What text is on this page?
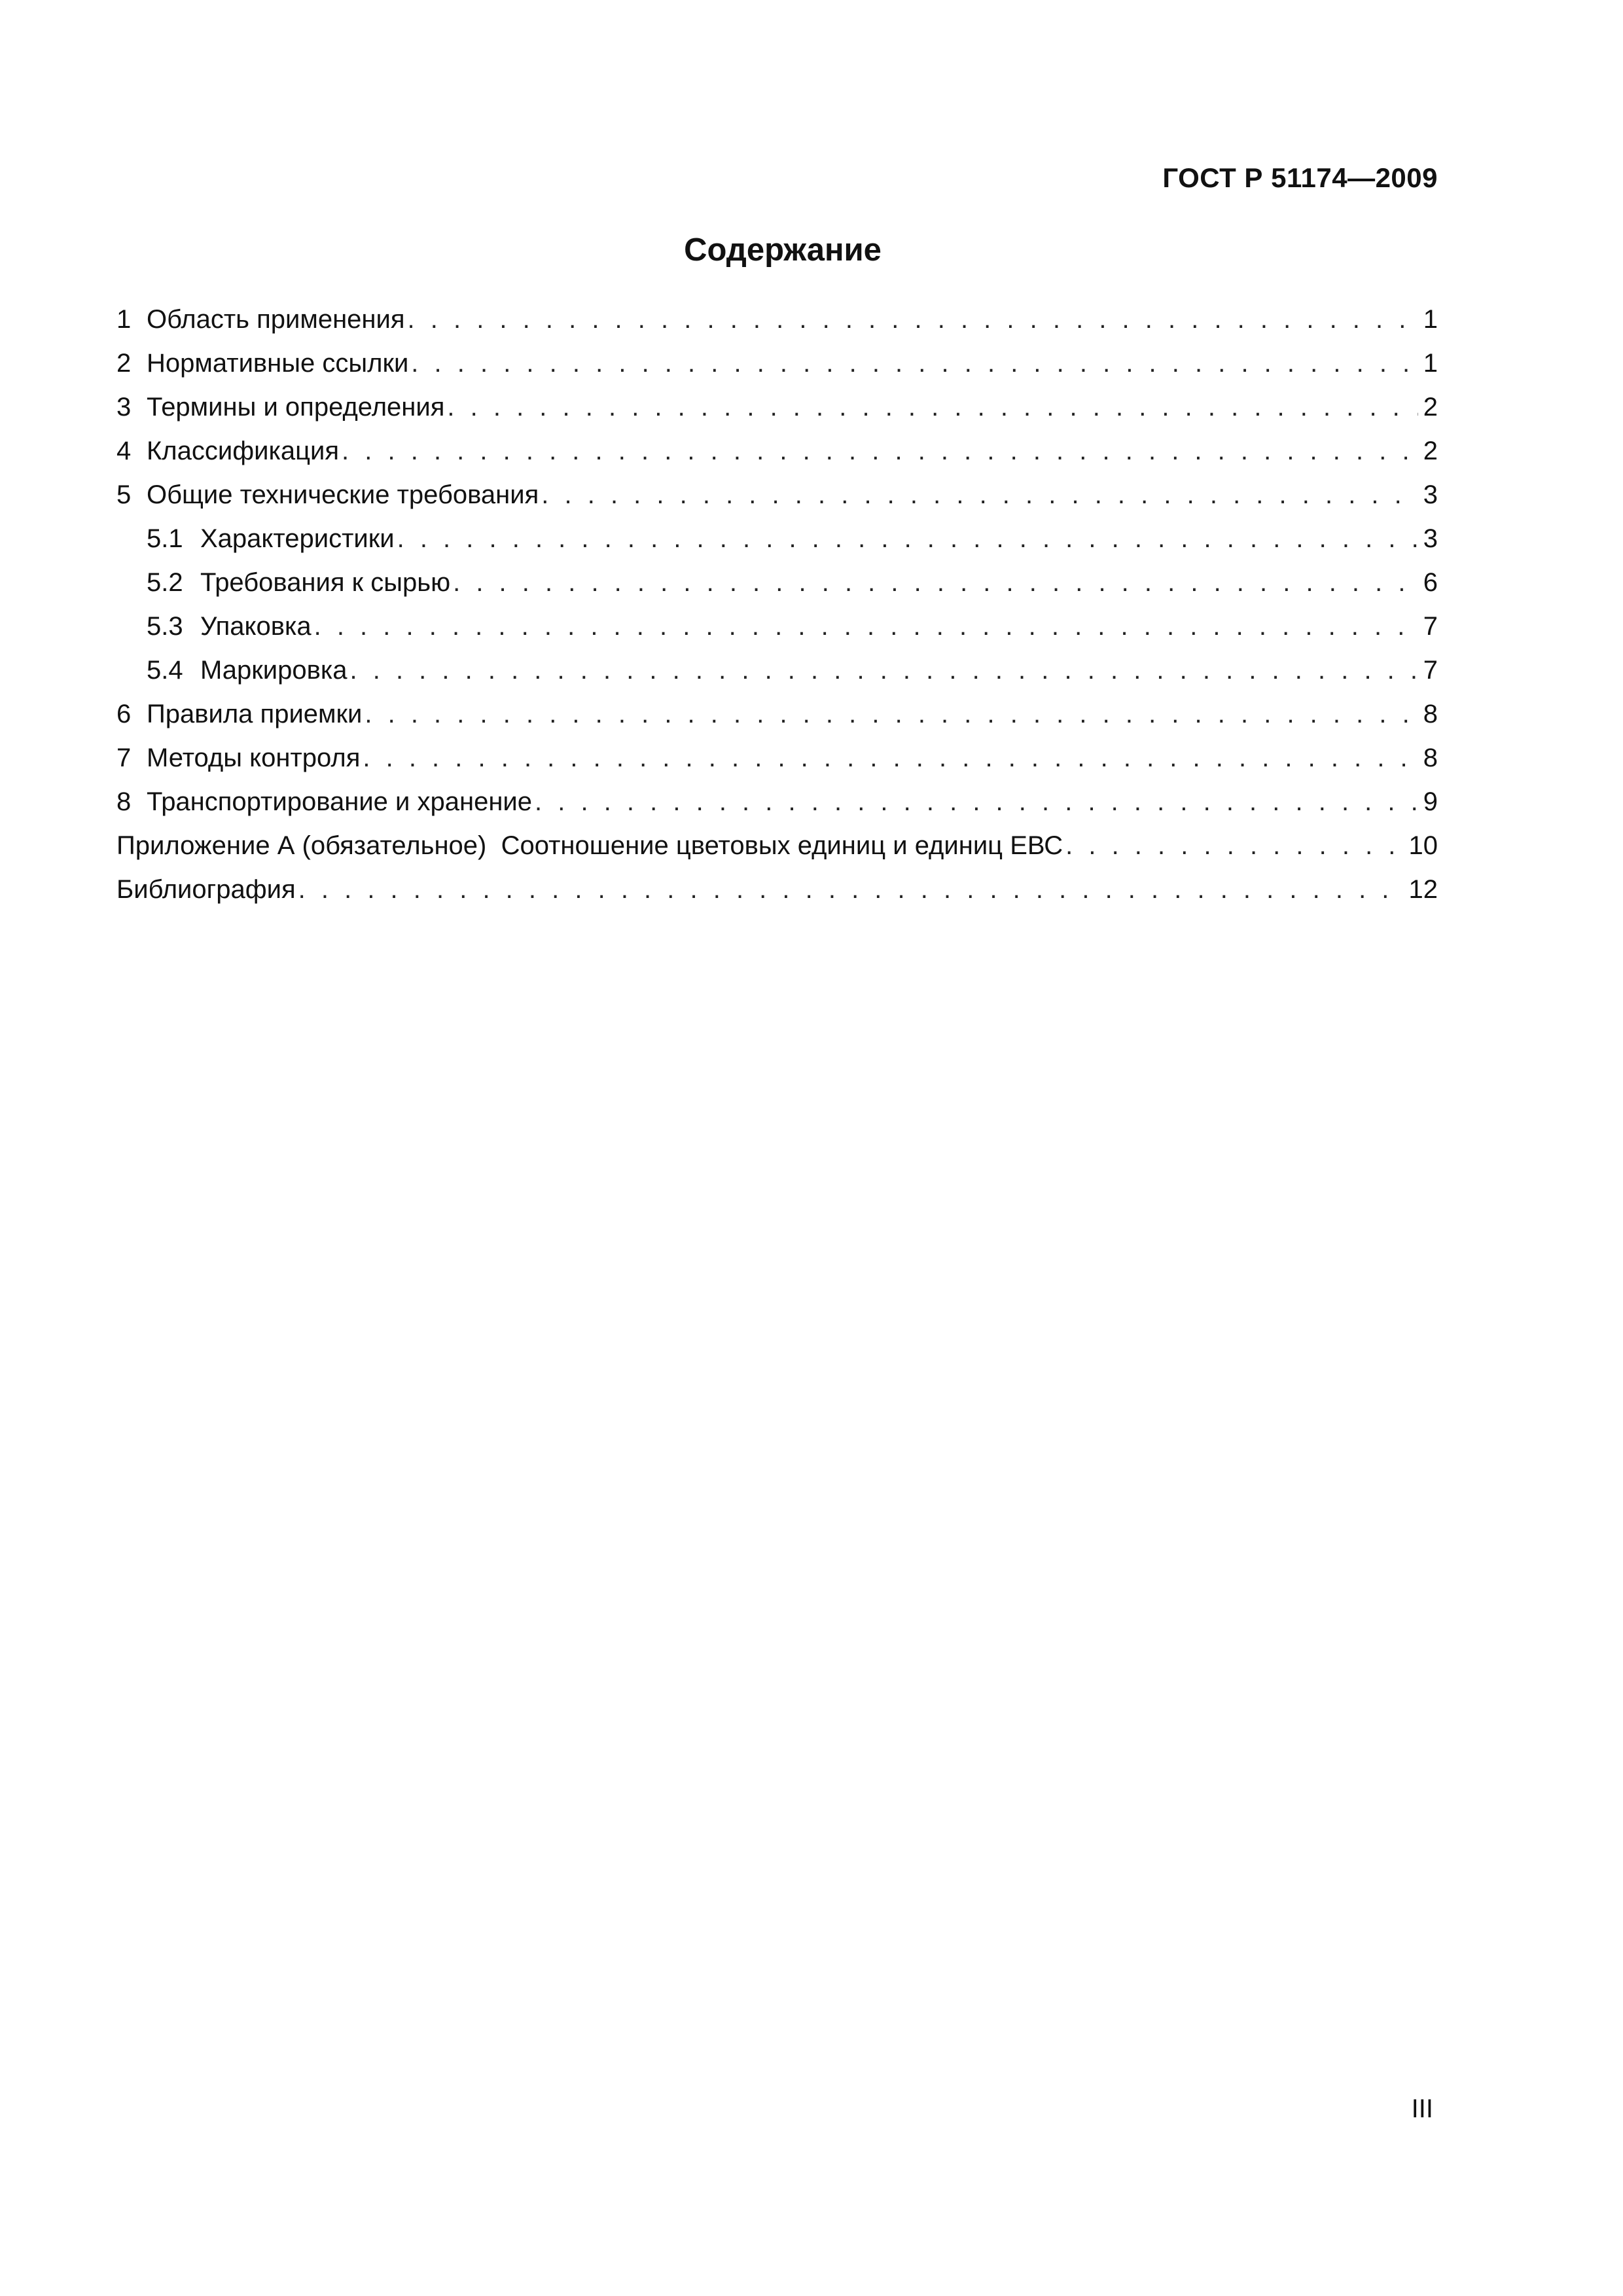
ГОСТ Р 51174—2009
Содержание
1 Область применения . . .	1
2 Нормативные ссылки . . .	1
3 Термины и определения . . .	2
4 Классификация . . .	2
5 Общие технические требования . . .	3
5.1 Характеристики . . .	3
5.2 Требования к сырью . . .	6
5.3 Упаковка . . .	7
5.4 Маркировка . . .	7
6 Правила приемки . . .	8
7 Методы контроля . . .	8
8 Транспортирование и хранение . . .	9
Приложение А (обязательное)  Соотношение цветовых единиц и единиц ЕВС . . .	10
Библиография . . .	12
III
